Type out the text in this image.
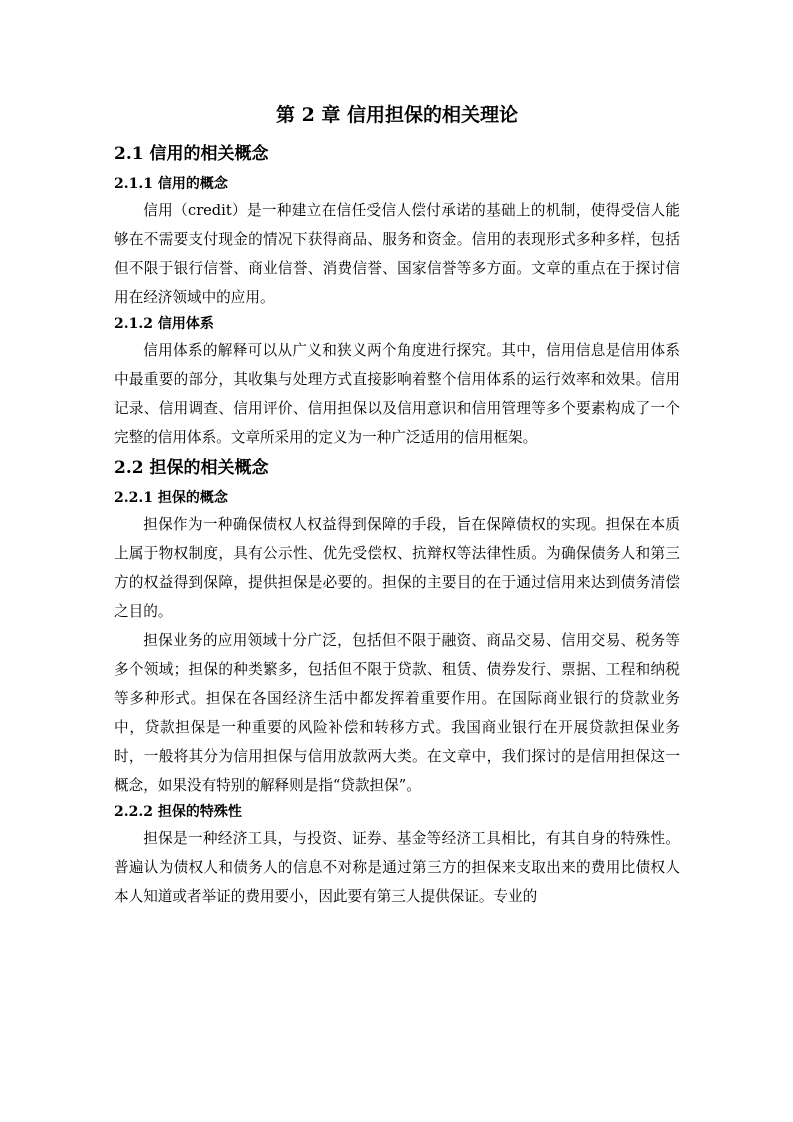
第 2 章 信用担保的相关理论
2.1 信用的相关概念
2.1.1 信用的概念

信用（credit）是一种建立在信任受信人偿付承诺的基础上的机制，使得受信人能够在不需要支付现金的情况下获得商品、服务和资金。信用的表现形式多种多样，包括但不限于银行信誉、商业信誉、消费信誉、国家信誉等多方面。文章的重点在于探讨信用在经济领域中的应用。

2.1.2 信用体系

信用体系的解释可以从广义和狭义两个角度进行探究。其中，信用信息是信用体系中最重要的部分，其收集与处理方式直接影响着整个信用体系的运行效率和效果。信用记录、信用调查、信用评价、信用担保以及信用意识和信用管理等多个要素构成了一个完整的信用体系。文章所采用的定义为一种广泛适用的信用框架。

2.2 担保的相关概念
2.2.1 担保的概念

担保作为一种确保债权人权益得到保障的手段，旨在保障债权的实现。担保在本质上属于物权制度，具有公示性、优先受偿权、抗辩权等法律性质。为确保债务人和第三方的权益得到保障，提供担保是必要的。担保的主要目的在于通过信用来达到债务清偿之目的。

担保业务的应用领域十分广泛，包括但不限于融资、商品交易、信用交易、税务等多个领域；担保的种类繁多，包括但不限于贷款、租赁、债券发行、票据、工程和纳税等多种形式。担保在各国经济生活中都发挥着重要作用。在国际商业银行的贷款业务中，贷款担保是一种重要的风险补偿和转移方式。我国商业银行在开展贷款担保业务时，一般将其分为信用担保与信用放款两大类。在文章中，我们探讨的是信用担保这一概念，如果没有特别的解释则是指“贷款担保”。

2.2.2 担保的特殊性

担保是一种经济工具，与投资、证券、基金等经济工具相比，有其自身的特殊性。普遍认为债权人和债务人的信息不对称是通过第三方的担保来支取出来的费用比债权人本人知道或者举证的费用要小，因此要有第三人提供保证。专业的
